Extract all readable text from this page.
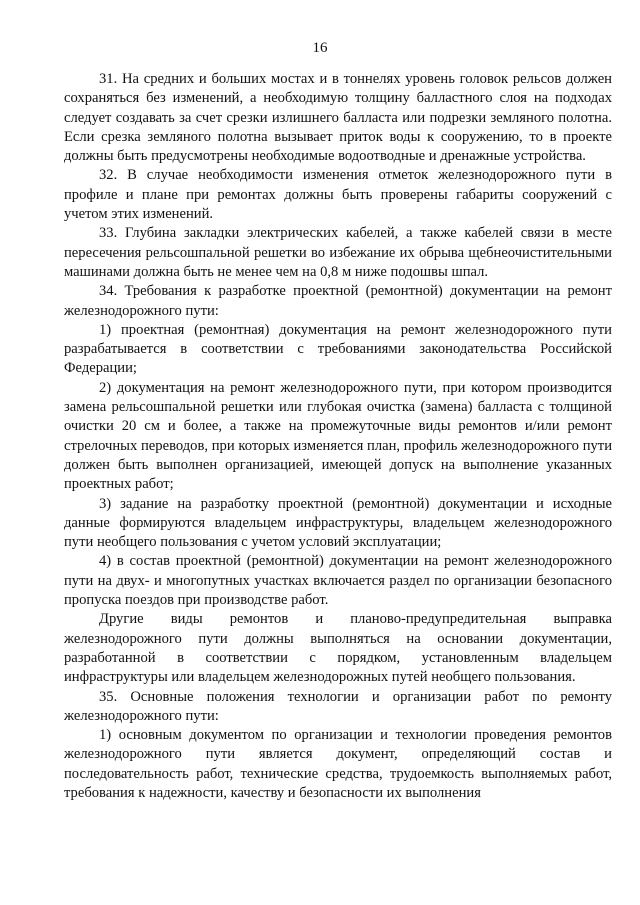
16

31. На средних и больших мостах и в тоннелях уровень головок рельсов должен сохраняться без изменений, а необходимую толщину балластного слоя на подходах следует создавать за счет срезки излишнего балласта или подрезки земляного полотна. Если срезка земляного полотна вызывает приток воды к сооружению, то в проекте должны быть предусмотрены необходимые водоотводные и дренажные устройства.

32. В случае необходимости изменения отметок железнодорожного пути в профиле и плане при ремонтах должны быть проверены габариты сооружений с учетом этих изменений.

33. Глубина закладки электрических кабелей, а также кабелей связи в месте пересечения рельсошпальной решетки во избежание их обрыва щебнеочистительными машинами должна быть не менее чем на 0,8 м ниже подошвы шпал.

34. Требования к разработке проектной (ремонтной) документации на ремонт железнодорожного пути:

1) проектная (ремонтная) документация на ремонт железнодорожного пути разрабатывается в соответствии с требованиями законодательства Российской Федерации;

2) документация на ремонт железнодорожного пути, при котором производится замена рельсошпальной решетки или глубокая очистка (замена) балласта с толщиной очистки 20 см и более, а также на промежуточные виды ремонтов и/или ремонт стрелочных переводов, при которых изменяется план, профиль железнодорожного пути должен быть выполнен организацией, имеющей допуск на выполнение указанных проектных работ;

3) задание на разработку проектной (ремонтной) документации и исходные данные формируются владельцем инфраструктуры, владельцем железнодорожного пути необщего пользования с учетом условий эксплуатации;

4) в состав проектной (ремонтной) документации на ремонт железнодорожного пути на двух- и многопутных участках включается раздел по организации безопасного пропуска поездов при производстве работ.

Другие виды ремонтов и планово-предупредительная выправка железнодорожного пути должны выполняться на основании документации, разработанной в соответствии с порядком, установленным владельцем инфраструктуры или владельцем железнодорожных путей необщего пользования.

35. Основные положения технологии и организации работ по ремонту железнодорожного пути:

1) основным документом по организации и технологии проведения ремонтов железнодорожного пути является документ, определяющий состав и последовательность работ, технические средства, трудоемкость выполняемых работ, требования к надежности, качеству и безопасности их выполнения
